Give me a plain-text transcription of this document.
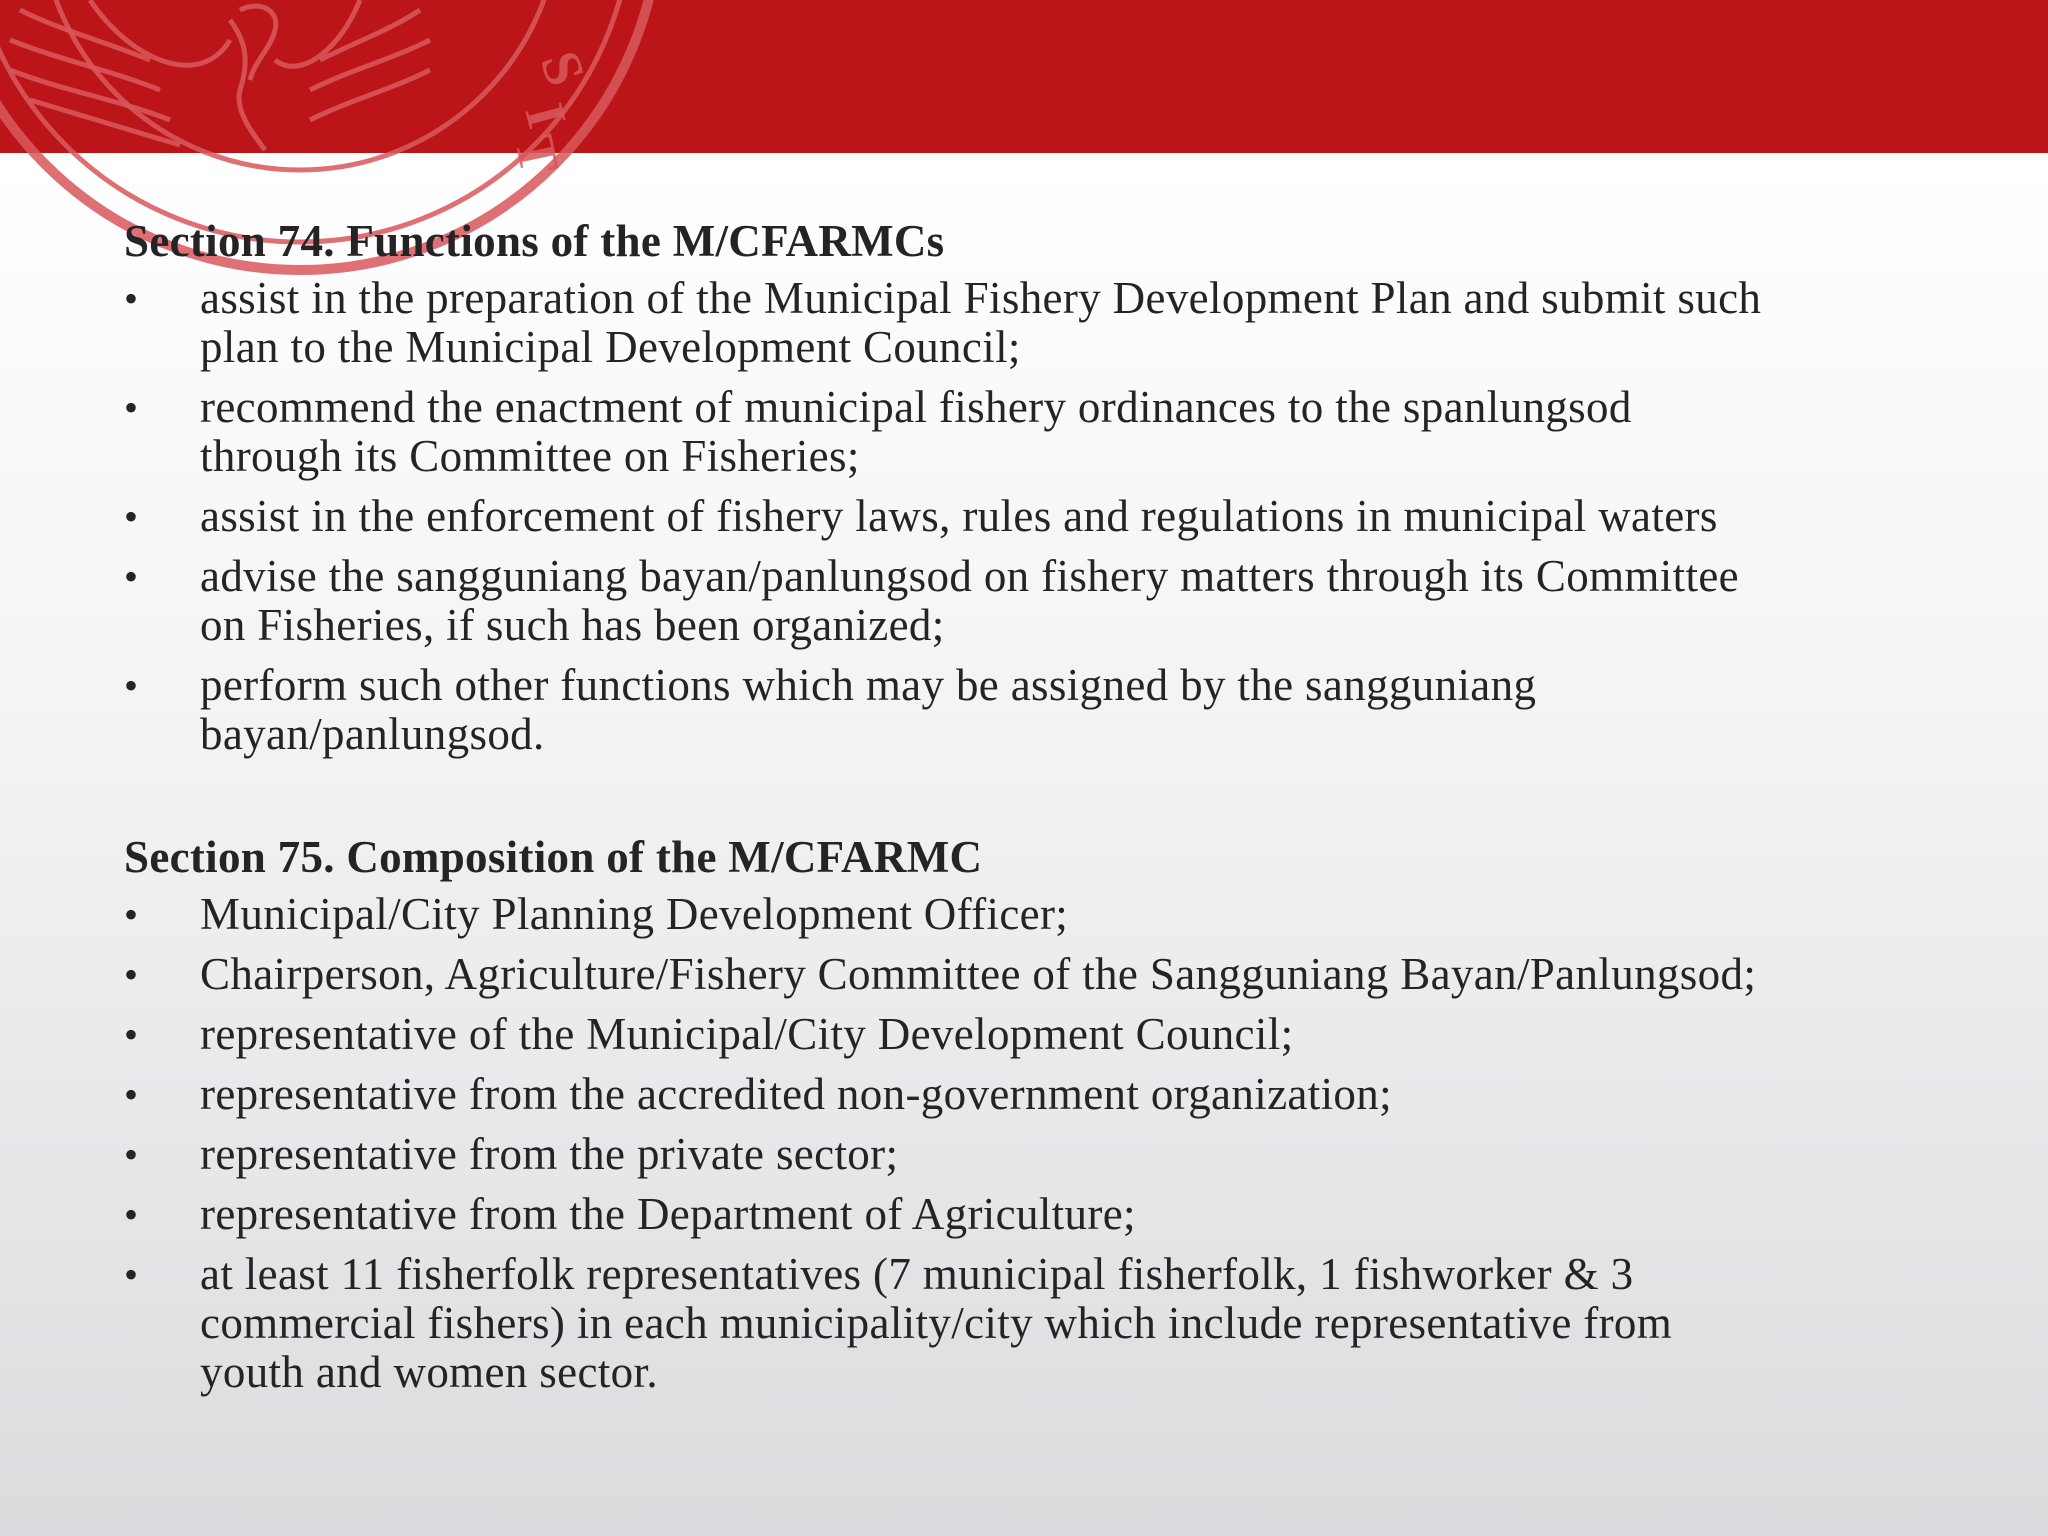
S
I
T
Section 74. Functions of the M/CFARMCs
• assist in the preparation of the Municipal Fishery Development Plan and submit such
plan to the Municipal Development Council;
• recommend the enactment of municipal fishery ordinances to the spanlungsod
through its Committee on Fisheries;
• assist in the enforcement of fishery laws, rules and regulations in municipal waters
• advise the sangguniang bayan/panlungsod on fishery matters through its Committee
on Fisheries, if such has been organized;
• perform such other functions which may be assigned by the sangguniang
bayan/panlungsod.
Section 75. Composition of the M/CFARMC
• Municipal/City Planning Development Officer;
• Chairperson, Agriculture/Fishery Committee of the Sangguniang Bayan/Panlungsod;
• representative of the Municipal/City Development Council;
• representative from the accredited non-government organization;
• representative from the private sector;
• representative from the Department of Agriculture;
• at least 11 fisherfolk representatives (7 municipal fisherfolk, 1 fishworker & 3
commercial fishers) in each municipality/city which include representative from
youth and women sector.
